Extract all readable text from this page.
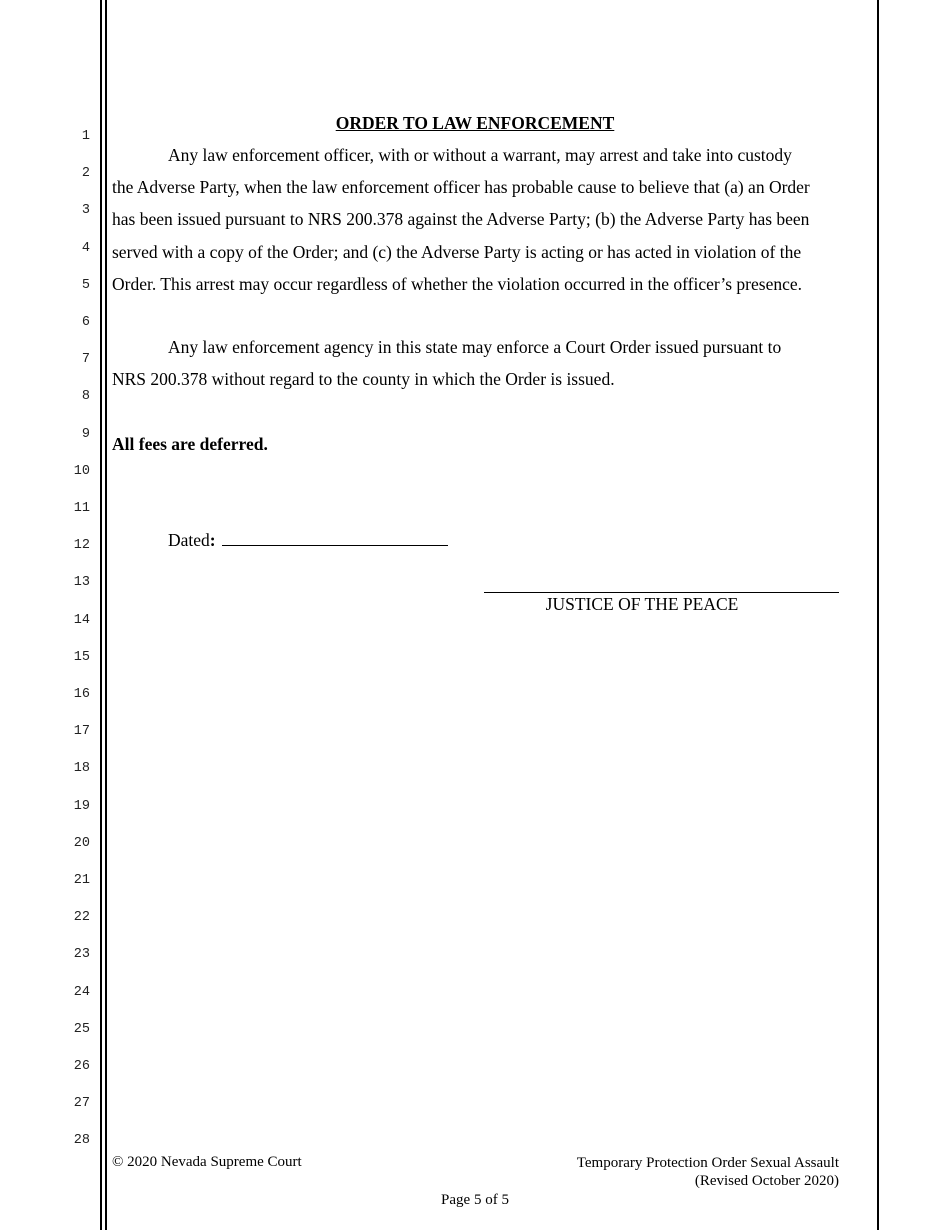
1
2
3
4
5
6
7
8
9
10
11
12
13
14
15
16
17
18
19
20
21
22
23
24
25
26
27
28
ORDER TO LAW ENFORCEMENT

Any law enforcement officer, with or without a warrant, may arrest and take into custody the Adverse Party, when the law enforcement officer has probable cause to believe that (a) an Order has been issued pursuant to NRS 200.378 against the Adverse Party; (b) the Adverse Party has been served with a copy of the Order; and (c) the Adverse Party is acting or has acted in violation of the Order. This arrest may occur regardless of whether the violation occurred in the officer’s presence.

Any law enforcement agency in this state may enforce a Court Order issued pursuant to NRS 200.378 without regard to the county in which the Order is issued.

All fees are deferred.
Dated:
JUSTICE OF THE PEACE
© 2020 Nevada Supreme Court	Temporary Protection Order Sexual Assault
(Revised October 2020)
Page 5 of 5
